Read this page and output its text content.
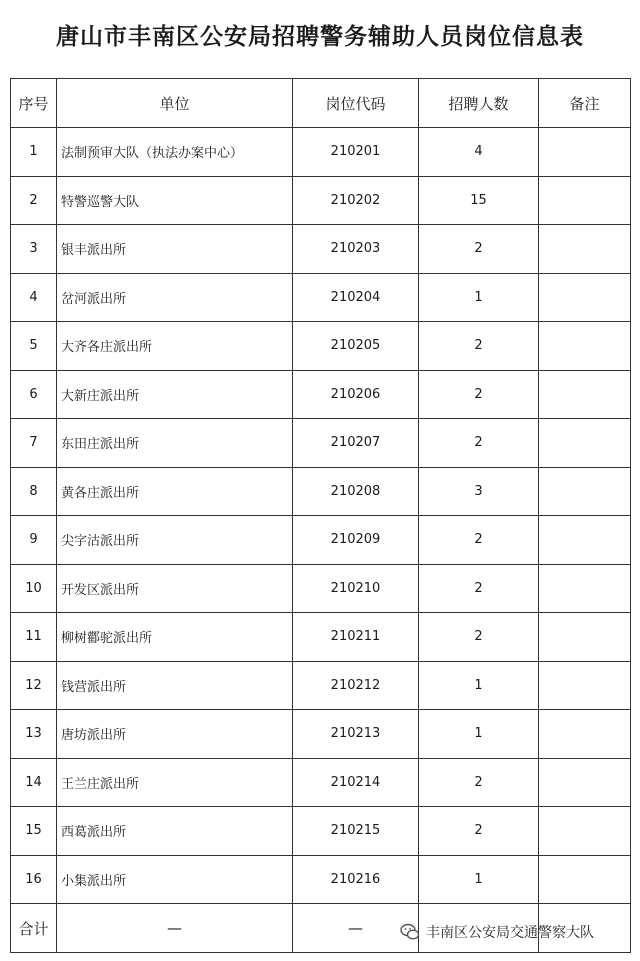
唐山市丰南区公安局招聘警务辅助人员岗位信息表
序号	单位	岗位代码	招聘人数	备注
1	法制预审大队（执法办案中心）	210201	4	
2	特警巡警大队	210202	15	
3	银丰派出所	210203	2	
4	岔河派出所	210204	1	
5	大齐各庄派出所	210205	2	
6	大新庄派出所	210206	2	
7	东田庄派出所	210207	2	
8	黄各庄派出所	210208	3	
9	尖字沽派出所	210209	2	
10	开发区派出所	210210	2	
11	柳树酄驼派出所	210211	2	
12	钱营派出所	210212	1	
13	唐坊派出所	210213	1	
14	王兰庄派出所	210214	2	
15	西葛派出所	210215	2	
16	小集派出所	210216	1	
合计	—	—			丰南区公安局交通警察大队
